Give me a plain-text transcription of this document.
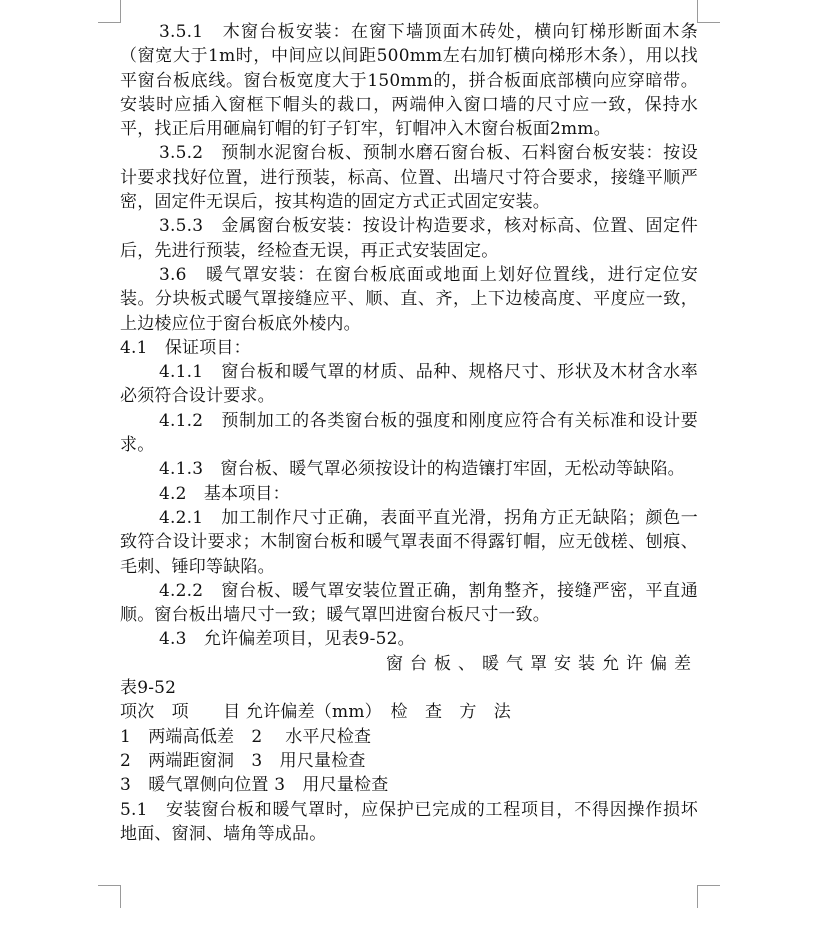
3.5.1　木窗台板安装：在窗下墙顶面木砖处，横向钉梯形断面木条（窗宽大于1m时，中间应以间距500mm左右加钉横向梯形木条），用以找平窗台板底线。窗台板宽度大于150mm的，拼合板面底部横向应穿暗带。安装时应插入窗框下帽头的裁口，两端伸入窗口墙的尺寸应一致，保持水平，找正后用砸扁钉帽的钉子钉牢，钉帽冲入木窗台板面2mm。

3.5.2　预制水泥窗台板、预制水磨石窗台板、石料窗台板安装：按设计要求找好位置，进行预装，标高、位置、出墙尺寸符合要求，接缝平顺严密，固定件无误后，按其构造的固定方式正式固定安装。

3.5.3　金属窗台板安装：按设计构造要求，核对标高、位置、固定件后，先进行预装，经检查无误，再正式安装固定。

3.6　暖气罩安装：在窗台板底面或地面上划好位置线，进行定位安装。分块板式暖气罩接缝应平、顺、直、齐，上下边棱高度、平度应一致，上边棱应位于窗台板底外棱内。

4.1　保证项目：

4.1.1　窗台板和暖气罩的材质、品种、规格尺寸、形状及木材含水率必须符合设计要求。

4.1.2　预制加工的各类窗台板的强度和刚度应符合有关标准和设计要求。

4.1.3　窗台板、暖气罩必须按设计的构造镶打牢固，无松动等缺陷。

4.2　基本项目：

4.2.1　加工制作尺寸正确，表面平直光滑，拐角方正无缺陷；颜色一致符合设计要求；木制窗台板和暖气罩表面不得露钉帽，应无戗槎、刨痕、毛刺、锤印等缺陷。

4.2.2　窗台板、暖气罩安装位置正确，割角整齐，接缝严密，平直通顺。窗台板出墙尺寸一致；暖气罩凹进窗台板尺寸一致。

4.3　允许偏差项目，见表9-52。

窗台板、暖气罩安装允许偏差

表9-52

项次　项　　目 允许偏差（mm）　检　查　方　法

1　两端高低差　2　 水平尺检查

2　两端距窗洞　3　用尺量检查

3　暖气罩侧向位置 3　用尺量检查

5.1　安装窗台板和暖气罩时，应保护已完成的工程项目，不得因操作损坏地面、窗洞、墙角等成品。
